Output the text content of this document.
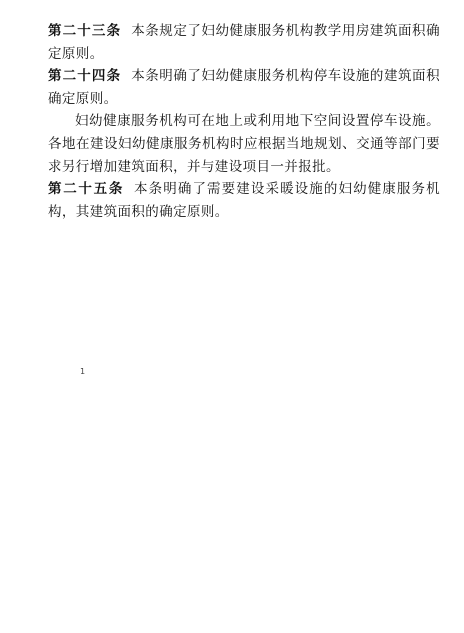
第二十三条 本条规定了妇幼健康服务机构教学用房建筑面积确定原则。

第二十四条 本条明确了妇幼健康服务机构停车设施的建筑面积确定原则。

妇幼健康服务机构可在地上或利用地下空间设置停车设施。各地在建设妇幼健康服务机构时应根据当地规划、交通等部门要求另行增加建筑面积，并与建设项目一并报批。

第二十五条 本条明确了需要建设采暖设施的妇幼健康服务机构，其建筑面积的确定原则。

1
